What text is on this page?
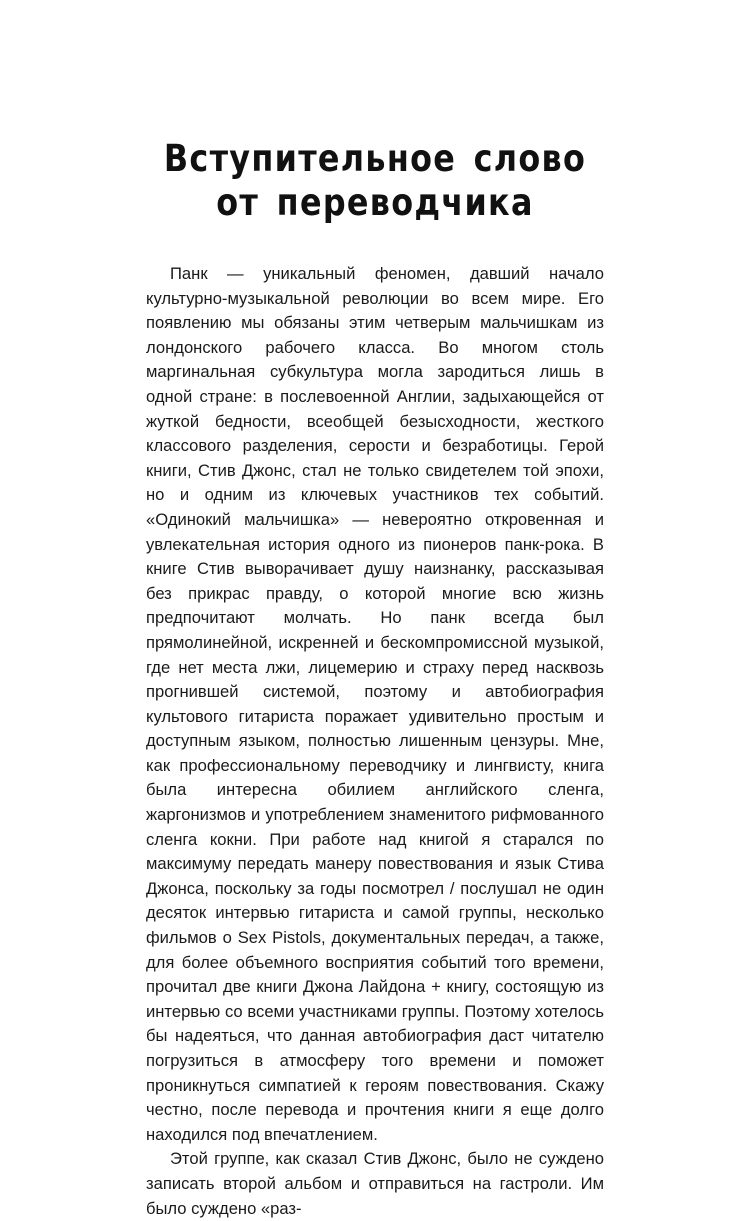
Вступительное слово
от переводчика

Панк — уникальный феномен, давший начало культурно-музыкальной революции во всем мире. Его появлению мы обязаны этим четверым мальчишкам из лондонского рабочего класса. Во многом столь маргинальная субкультура могла зародиться лишь в одной стране: в послевоенной Англии, задыхающейся от жуткой бедности, всеобщей безысходности, жесткого классового разделения, серости и безработицы. Герой книги, Стив Джонс, стал не только свидетелем той эпохи, но и одним из ключевых участников тех событий. «Одинокий мальчишка» — невероятно откровенная и увлекательная история одного из пионеров панк-рока. В книге Стив выворачивает душу наизнанку, рассказывая без прикрас правду, о которой многие всю жизнь предпочитают молчать. Но панк всегда был прямолинейной, искренней и бескомпромиссной музыкой, где нет места лжи, лицемерию и страху перед насквозь прогнившей системой, поэтому и автобиография культового гитариста поражает удивительно простым и доступным языком, полностью лишенным цензуры. Мне, как профессиональному переводчику и лингвисту, книга была интересна обилием английского сленга, жаргонизмов и употреблением знаменитого рифмованного сленга кокни. При работе над книгой я старался по максимуму передать манеру повествования и язык Стива Джонса, поскольку за годы посмотрел / послушал не один десяток интервью гитариста и самой группы, несколько фильмов о Sex Pistols, документальных передач, а также, для более объемного восприятия событий того времени, прочитал две книги Джона Лайдона + книгу, состоящую из интервью со всеми участниками группы. Поэтому хотелось бы надеяться, что данная автобиография даст читателю погрузиться в атмосферу того времени и поможет проникнуться симпатией к героям повествования. Скажу честно, после перевода и прочтения книги я еще долго находился под впечатлением.

Этой группе, как сказал Стив Джонс, было не суждено записать второй альбом и отправиться на гастроли. Им было суждено «раз-
